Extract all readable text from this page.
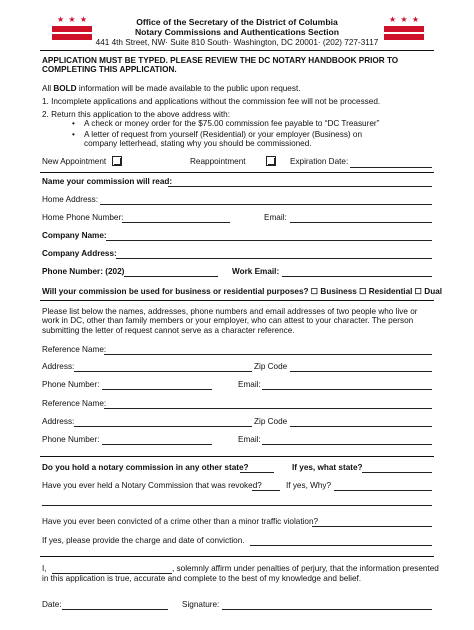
★ ★ ★	★ ★ ★
Office of the Secretary of the District of Columbia
Notary Commissions and Authentications Section
441 4th Street, NW· Suite 810 South· Washington, DC 20001· (202) 727-3117
APPLICATION MUST BE TYPED. PLEASE REVIEW THE DC NOTARY HANDBOOK PRIOR TO COMPLETING THIS APPLICATION.
All BOLD information will be made available to the public upon request.
1. Incomplete applications and applications without the commission fee will not be processed.
2. Return this application to the above address with:
• A check or money order for the $75.00 commission fee payable to “DC Treasurer”
• A letter of request from yourself (Residential) or your employer (Business) on company letterhead, stating why you should be commissioned.
New Appointment
	Reappointment	Expiration Date:
Name your commission will read:
Home Address:
Home Phone Number:	Email:
Company Name:
Company Address:
Phone Number: (202)	Work Email:
Will your commission be used for business or residential purposes? ☐ Business ☐ Residential ☐ Dual
Please list below the names, addresses, phone numbers and email addresses of two people who live or work in DC, other than family members or your employer, who can attest to your character. The person submitting the letter of request cannot serve as a character reference.
Reference Name:
Address:	Zip Code
Phone Number:	Email:
Reference Name:
Address:	Zip Code
Phone Number:	Email:
Do you hold a notary commission in any other state?	If yes, what state?
Have you ever held a Notary Commission that was revoked?	If yes, Why?
Have you ever been convicted of a crime other than a minor traffic violation?
If yes, please provide the charge and date of conviction.
I,	, solemnly affirm under penalties of perjury, that the information presented
in this application is true, accurate and complete to the best of my knowledge and belief.
Date:	Signature:
